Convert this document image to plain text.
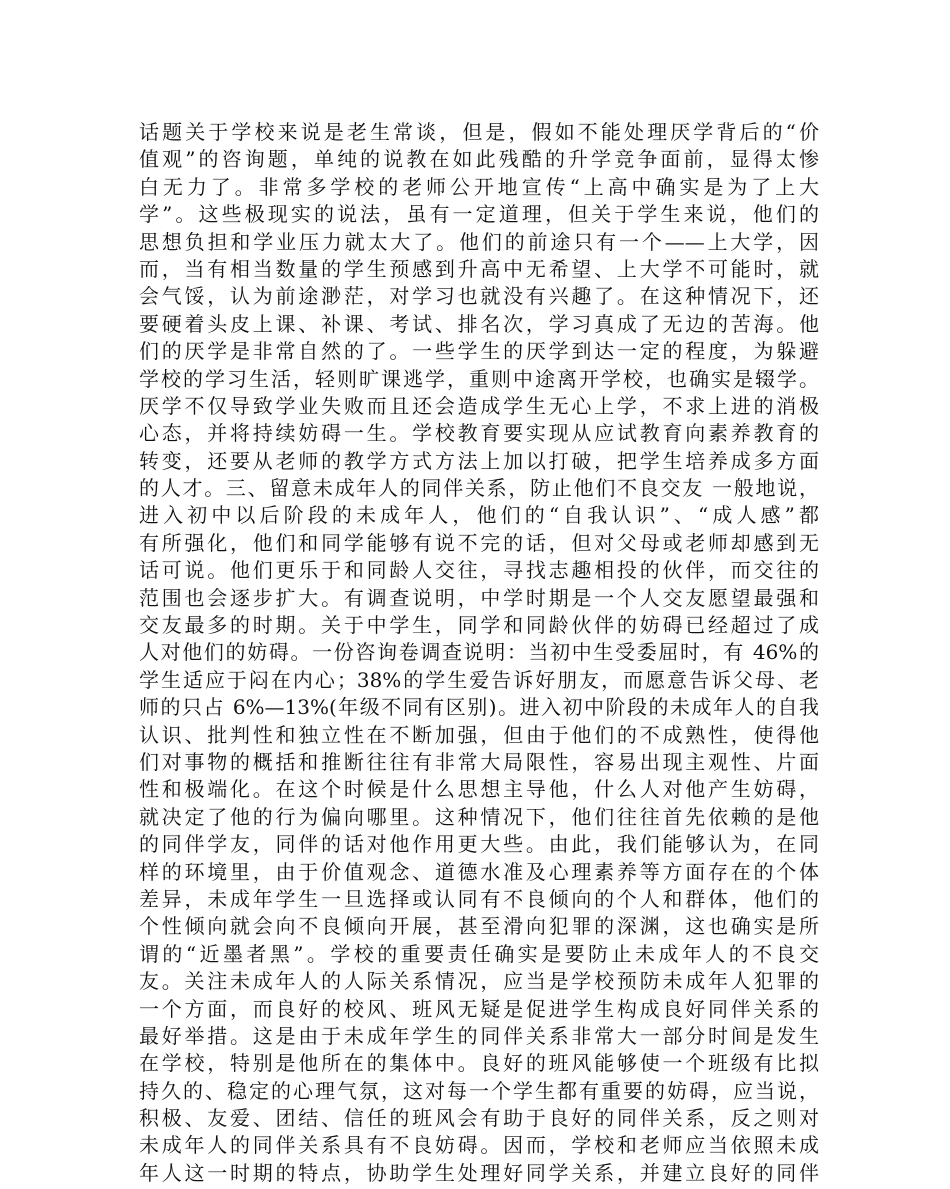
话题关于学校来说是老生常谈，但是，假如不能处理厌学背后的“价
值观”的咨询题，单纯的说教在如此残酷的升学竞争面前，显得太惨
白无力了。非常多学校的老师公开地宣传“上高中确实是为了上大
学”。这些极现实的说法，虽有一定道理，但关于学生来说，他们的
思想负担和学业压力就太大了。他们的前途只有一个——上大学，因
而，当有相当数量的学生预感到升高中无希望、上大学不可能时，就
会气馁，认为前途渺茫，对学习也就没有兴趣了。在这种情况下，还
要硬着头皮上课、补课、考试、排名次，学习真成了无边的苦海。他
们的厌学是非常自然的了。一些学生的厌学到达一定的程度，为躲避
学校的学习生活，轻则旷课逃学，重则中途离开学校，也确实是辍学。
厌学不仅导致学业失败而且还会造成学生无心上学，不求上进的消极
心态，并将持续妨碍一生。学校教育要实现从应试教育向素养教育的
转变，还要从老师的教学方式方法上加以打破，把学生培养成多方面
的人才。三、留意未成年人的同伴关系，防止他们不良交友 一般地说，
进入初中以后阶段的未成年人，他们的“自我认识”、“成人感”都
有所强化，他们和同学能够有说不完的话，但对父母或老师却感到无
话可说。他们更乐于和同龄人交往，寻找志趣相投的伙伴，而交往的
范围也会逐步扩大。有调查说明，中学时期是一个人交友愿望最强和
交友最多的时期。关于中学生，同学和同龄伙伴的妨碍已经超过了成
人对他们的妨碍。一份咨询卷调查说明：当初中生受委屈时，有 46%的
学生适应于闷在内心；38%的学生爱告诉好朋友，而愿意告诉父母、老
师的只占 6%—13%(年级不同有区别)。进入初中阶段的未成年人的自我
认识、批判性和独立性在不断加强，但由于他们的不成熟性，使得他
们对事物的概括和推断往往有非常大局限性，容易出现主观性、片面
性和极端化。在这个时候是什么思想主导他，什么人对他产生妨碍，
就决定了他的行为偏向哪里。这种情况下，他们往往首先依赖的是他
的同伴学友，同伴的话对他作用更大些。由此，我们能够认为，在同
样的环境里，由于价值观念、道德水准及心理素养等方面存在的个体
差异，未成年学生一旦选择或认同有不良倾向的个人和群体，他们的
个性倾向就会向不良倾向开展，甚至滑向犯罪的深渊，这也确实是所
谓的“近墨者黑”。学校的重要责任确实是要防止未成年人的不良交
友。关注未成年人的人际关系情况，应当是学校预防未成年人犯罪的
一个方面，而良好的校风、班风无疑是促进学生构成良好同伴关系的
最好举措。这是由于未成年学生的同伴关系非常大一部分时间是发生
在学校，特别是他所在的集体中。良好的班风能够使一个班级有比拟
持久的、稳定的心理气氛，这对每一个学生都有重要的妨碍，应当说，
积极、友爱、团结、信任的班风会有助于良好的同伴关系，反之则对
未成年人的同伴关系具有不良妨碍。因而，学校和老师应当依照未成
年人这一时期的特点，协助学生处理好同学关系，并建立良好的同伴
